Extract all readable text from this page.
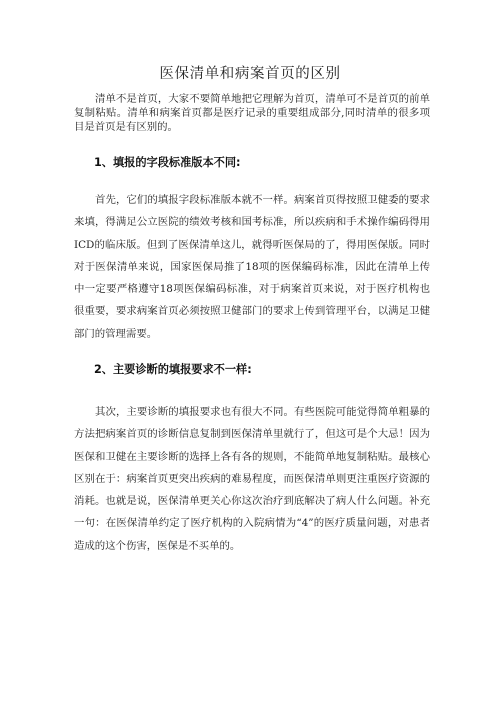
医保清单和病案首页的区别
清单不是首页，大家不要简单地把它理解为首页，清单可不是首页的前单复制粘贴。清单和病案首页都是医疗记录的重要组成部分,同时清单的很多项目是首页是有区别的。
1、填报的字段标准版本不同:
首先，它们的填报字段标准版本就不一样。病案首页得按照卫健委的要求来填，得满足公立医院的绩效考核和国考标准，所以疾病和手术操作编码得用ICD的临床版。但到了医保清单这儿，就得听医保局的了，得用医保版。同时对于医保清单来说，国家医保局推了18项的医保编码标准，因此在清单上传中一定要严格遵守18项医保编码标准，对于病案首页来说，对于医疗机构也很重要，要求病案首页必须按照卫健部门的要求上传到管理平台，以满足卫健部门的管理需要。
2、主要诊断的填报要求不一样:
其次，主要诊断的填报要求也有很大不同。有些医院可能觉得简单粗暴的方法把病案首页的诊断信息复制到医保清单里就行了，但这可是个大忌！因为医保和卫健在主要诊断的选择上各有各的规则，不能简单地复制粘贴。最核心区别在于：病案首页更突出疾病的难易程度，而医保清单则更注重医疗资源的消耗。也就是说，医保清单更关心你这次治疗到底解决了病人什么问题。补充一句：在医保清单约定了医疗机构的入院病情为“4”的医疗质量问题，对患者造成的这个伤害，医保是不买单的。
